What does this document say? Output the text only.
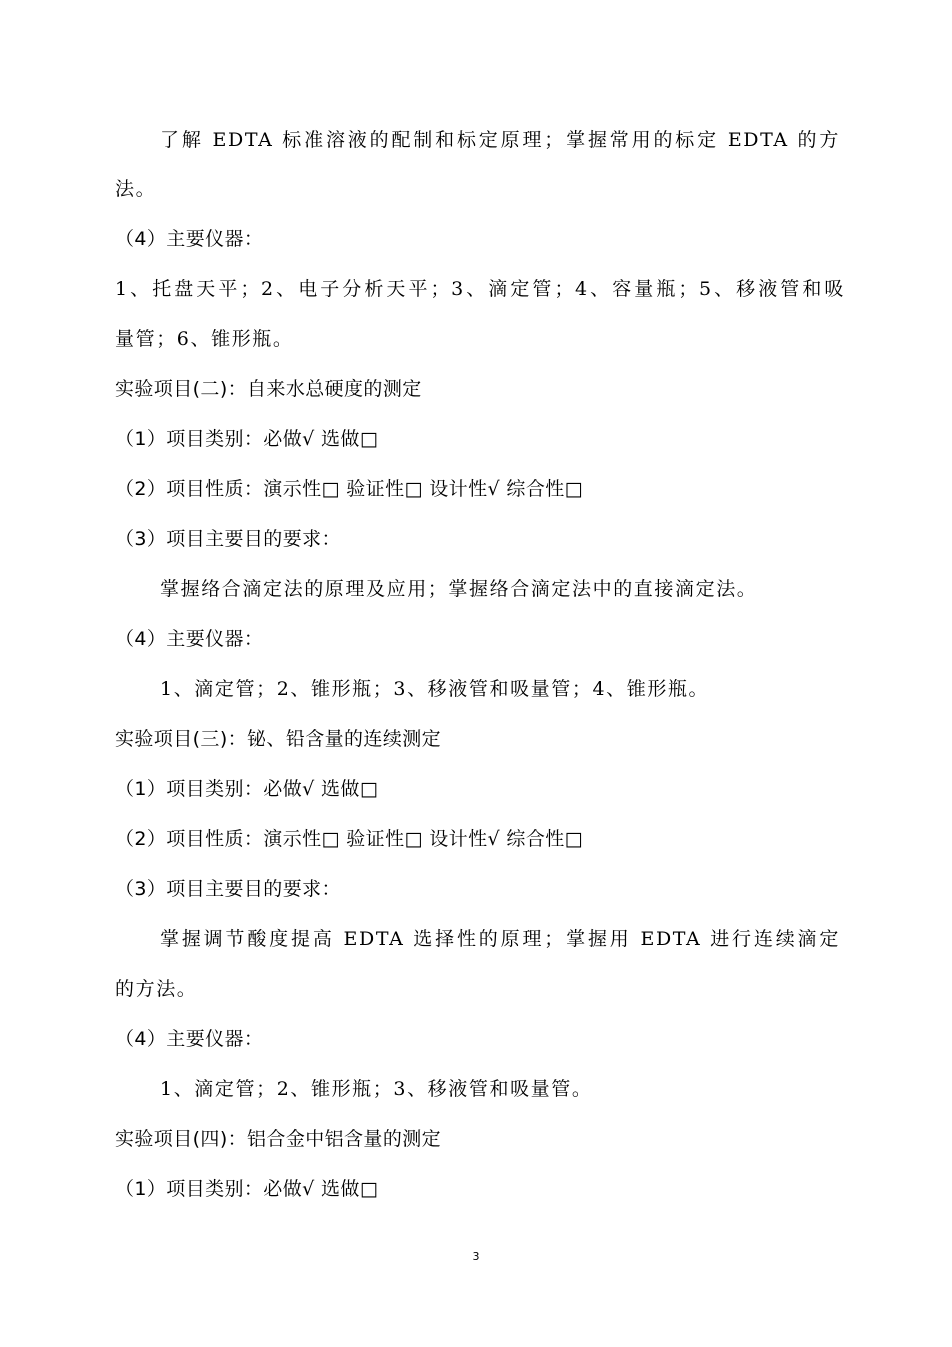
了解 EDTA 标准溶液的配制和标定原理；掌握常用的标定 EDTA 的方
法。
（4）主要仪器：
1、托盘天平；2、电子分析天平；3、滴定管；4、容量瓶；5、移液管和吸
量管；6、锥形瓶。
实验项目(二)：自来水总硬度的测定
（1）项目类别：必做√ 选做□
（2）项目性质：演示性□ 验证性□ 设计性√ 综合性□
（3）项目主要目的要求：
掌握络合滴定法的原理及应用；掌握络合滴定法中的直接滴定法。
（4）主要仪器：
1、滴定管；2、锥形瓶；3、移液管和吸量管；4、锥形瓶。
实验项目(三)：铋、铅含量的连续测定
（1）项目类别：必做√ 选做□
（2）项目性质：演示性□ 验证性□ 设计性√ 综合性□
（3）项目主要目的要求：
掌握调节酸度提高 EDTA 选择性的原理；掌握用 EDTA 进行连续滴定
的方法。
（4）主要仪器：
1、滴定管；2、锥形瓶；3、移液管和吸量管。
实验项目(四)：铝合金中铝含量的测定
（1）项目类别：必做√ 选做□
3
